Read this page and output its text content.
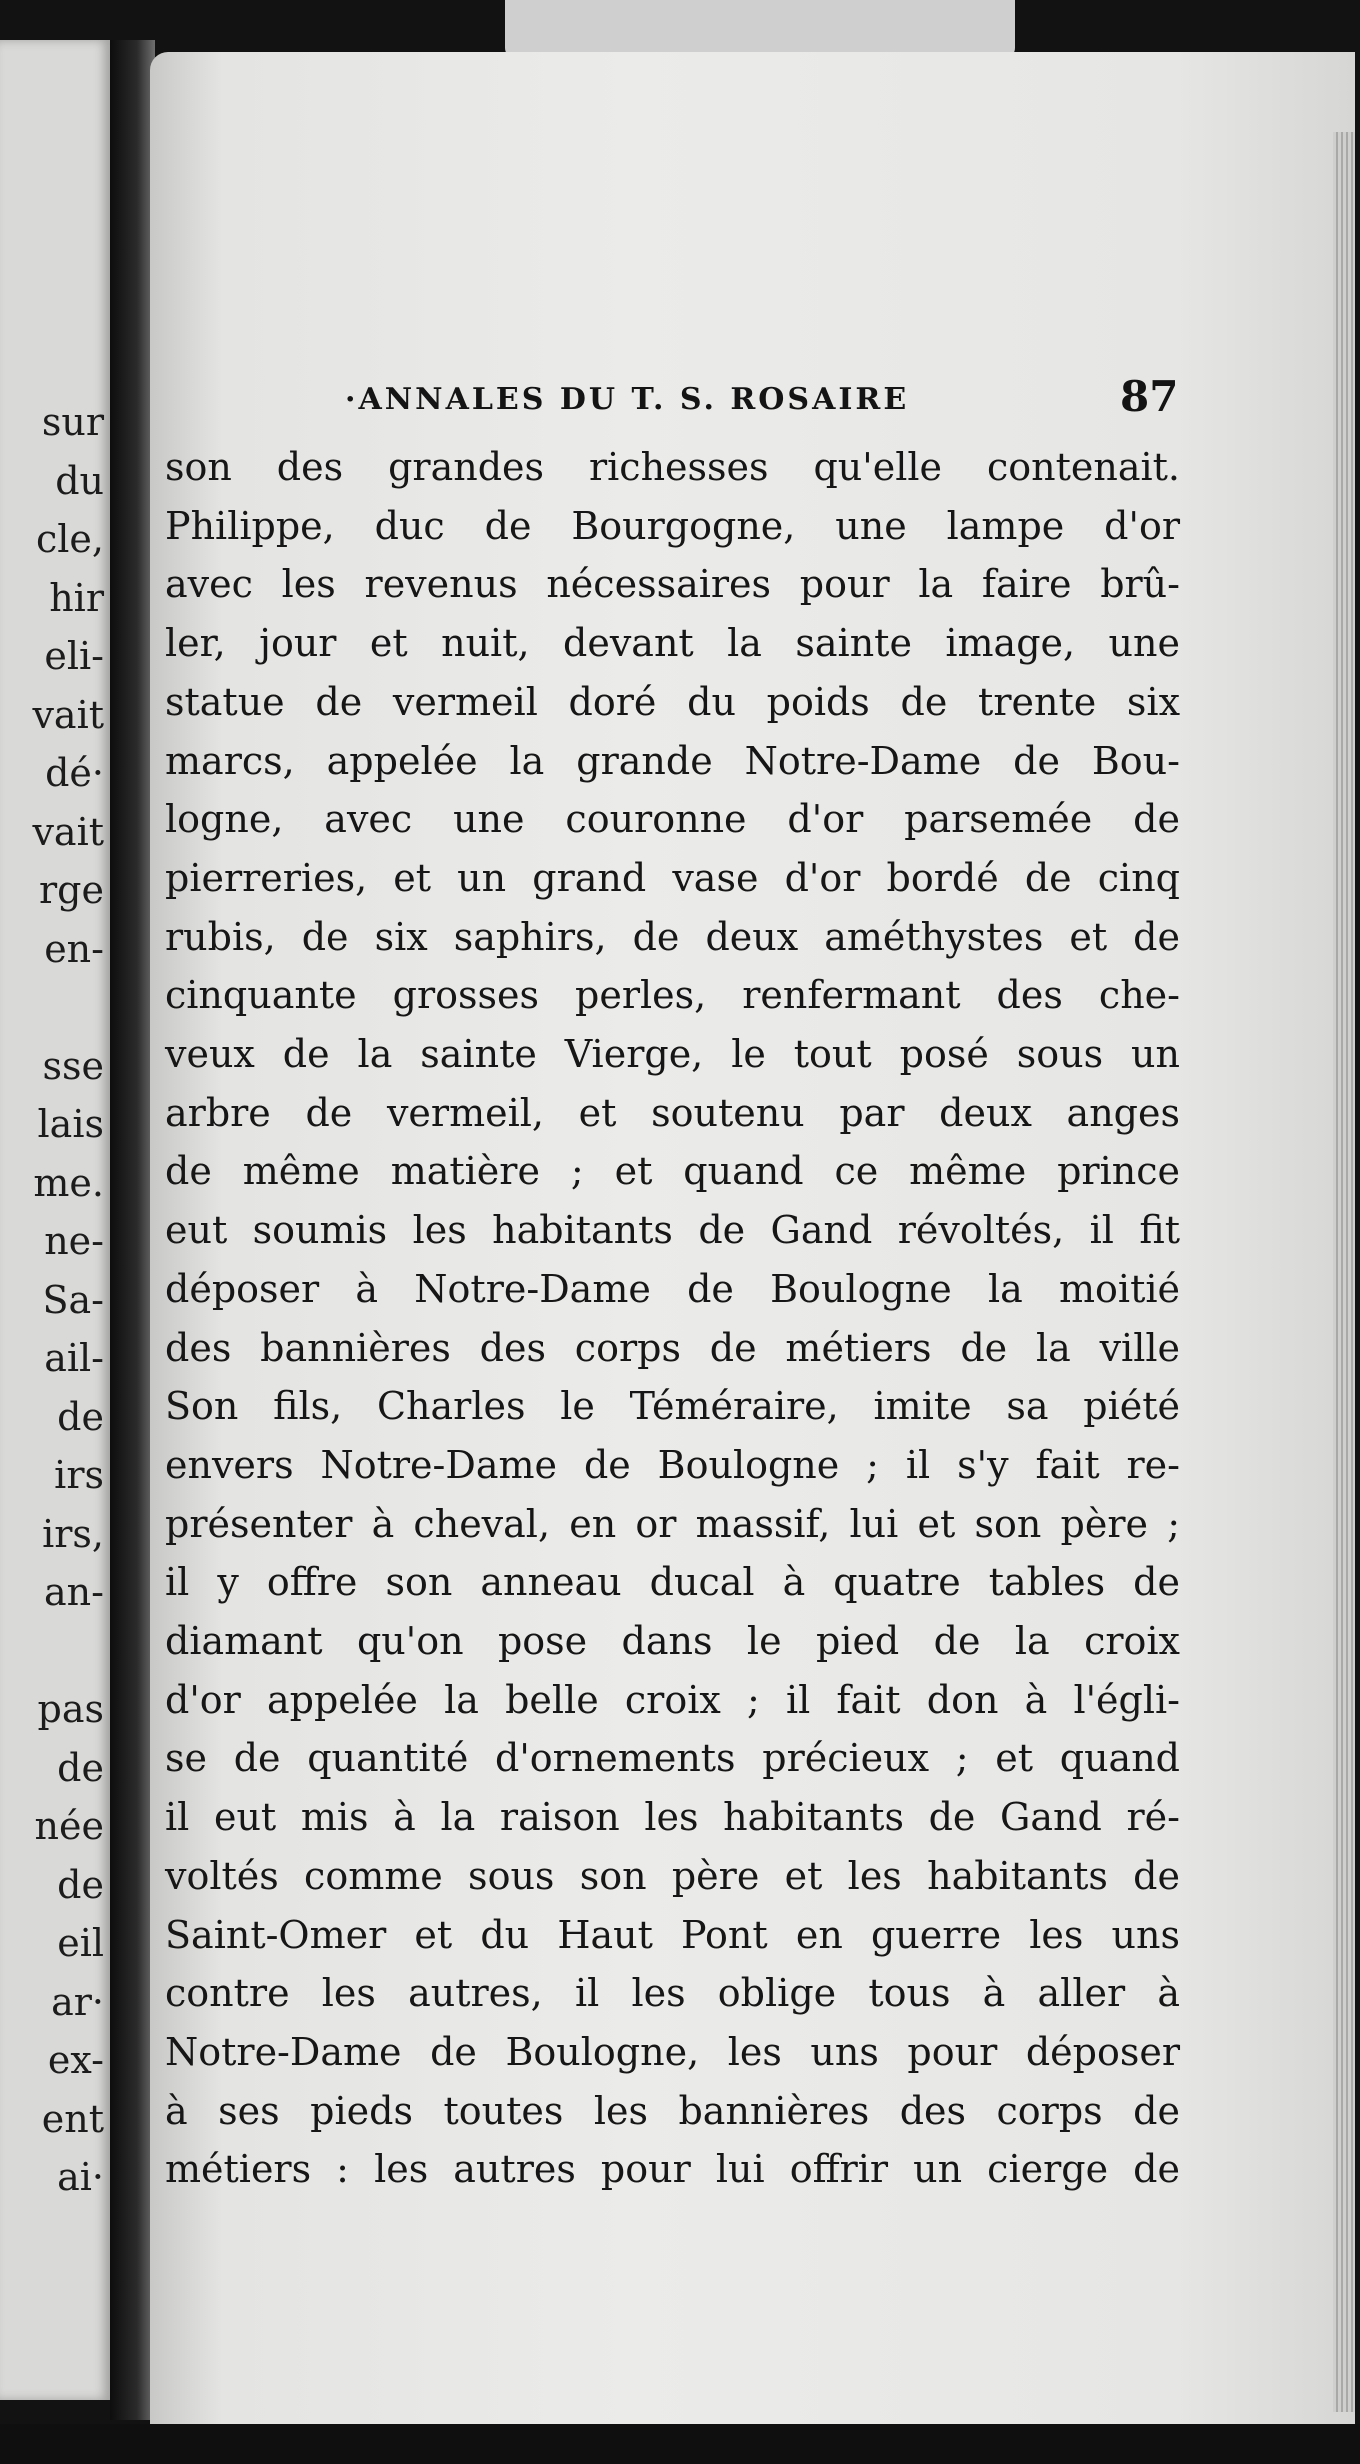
sur
du
cle,
hir
eli-
vait
dé·
vait
rge
en-
sse
lais
me.
ne-
Sa-
ail-
de
irs
irs,
an-
pas
de
née
de
eil
ar·
ex-
ent
ai·
·ANNALES DU T. S. ROSAIRE	87
son des grandes richesses qu'elle contenait.
Philippe, duc de Bourgogne, une lampe d'or
avec les revenus nécessaires pour la faire brû-
ler, jour et nuit, devant la sainte image, une
statue de vermeil doré du poids de trente six
marcs, appelée la grande Notre-Dame de Bou-
logne, avec une couronne d'or parsemée de
pierreries, et un grand vase d'or bordé de cinq
rubis, de six saphirs, de deux améthystes et de
cinquante grosses perles, renfermant des che-
veux de la sainte Vierge, le tout posé sous un
arbre de vermeil, et soutenu par deux anges
de même matière ; et quand ce même prince
eut soumis les habitants de Gand révoltés, il fit
déposer à Notre-Dame de Boulogne la moitié
des bannières des corps de métiers de la ville
Son fils, Charles le Téméraire, imite sa piété
envers Notre-Dame de Boulogne ; il s'y fait re-
présenter à cheval, en or massif, lui et son père ;
il y offre son anneau ducal à quatre tables de
diamant qu'on pose dans le pied de la croix
d'or appelée la belle croix ; il fait don à l'égli-
se de quantité d'ornements précieux ; et quand
il eut mis à la raison les habitants de Gand ré-
voltés comme sous son père et les habitants de
Saint-Omer et du Haut Pont en guerre les uns
contre les autres, il les oblige tous à aller à
Notre-Dame de Boulogne, les uns pour déposer
à ses pieds toutes les bannières des corps de
métiers : les autres pour lui offrir un cierge de
